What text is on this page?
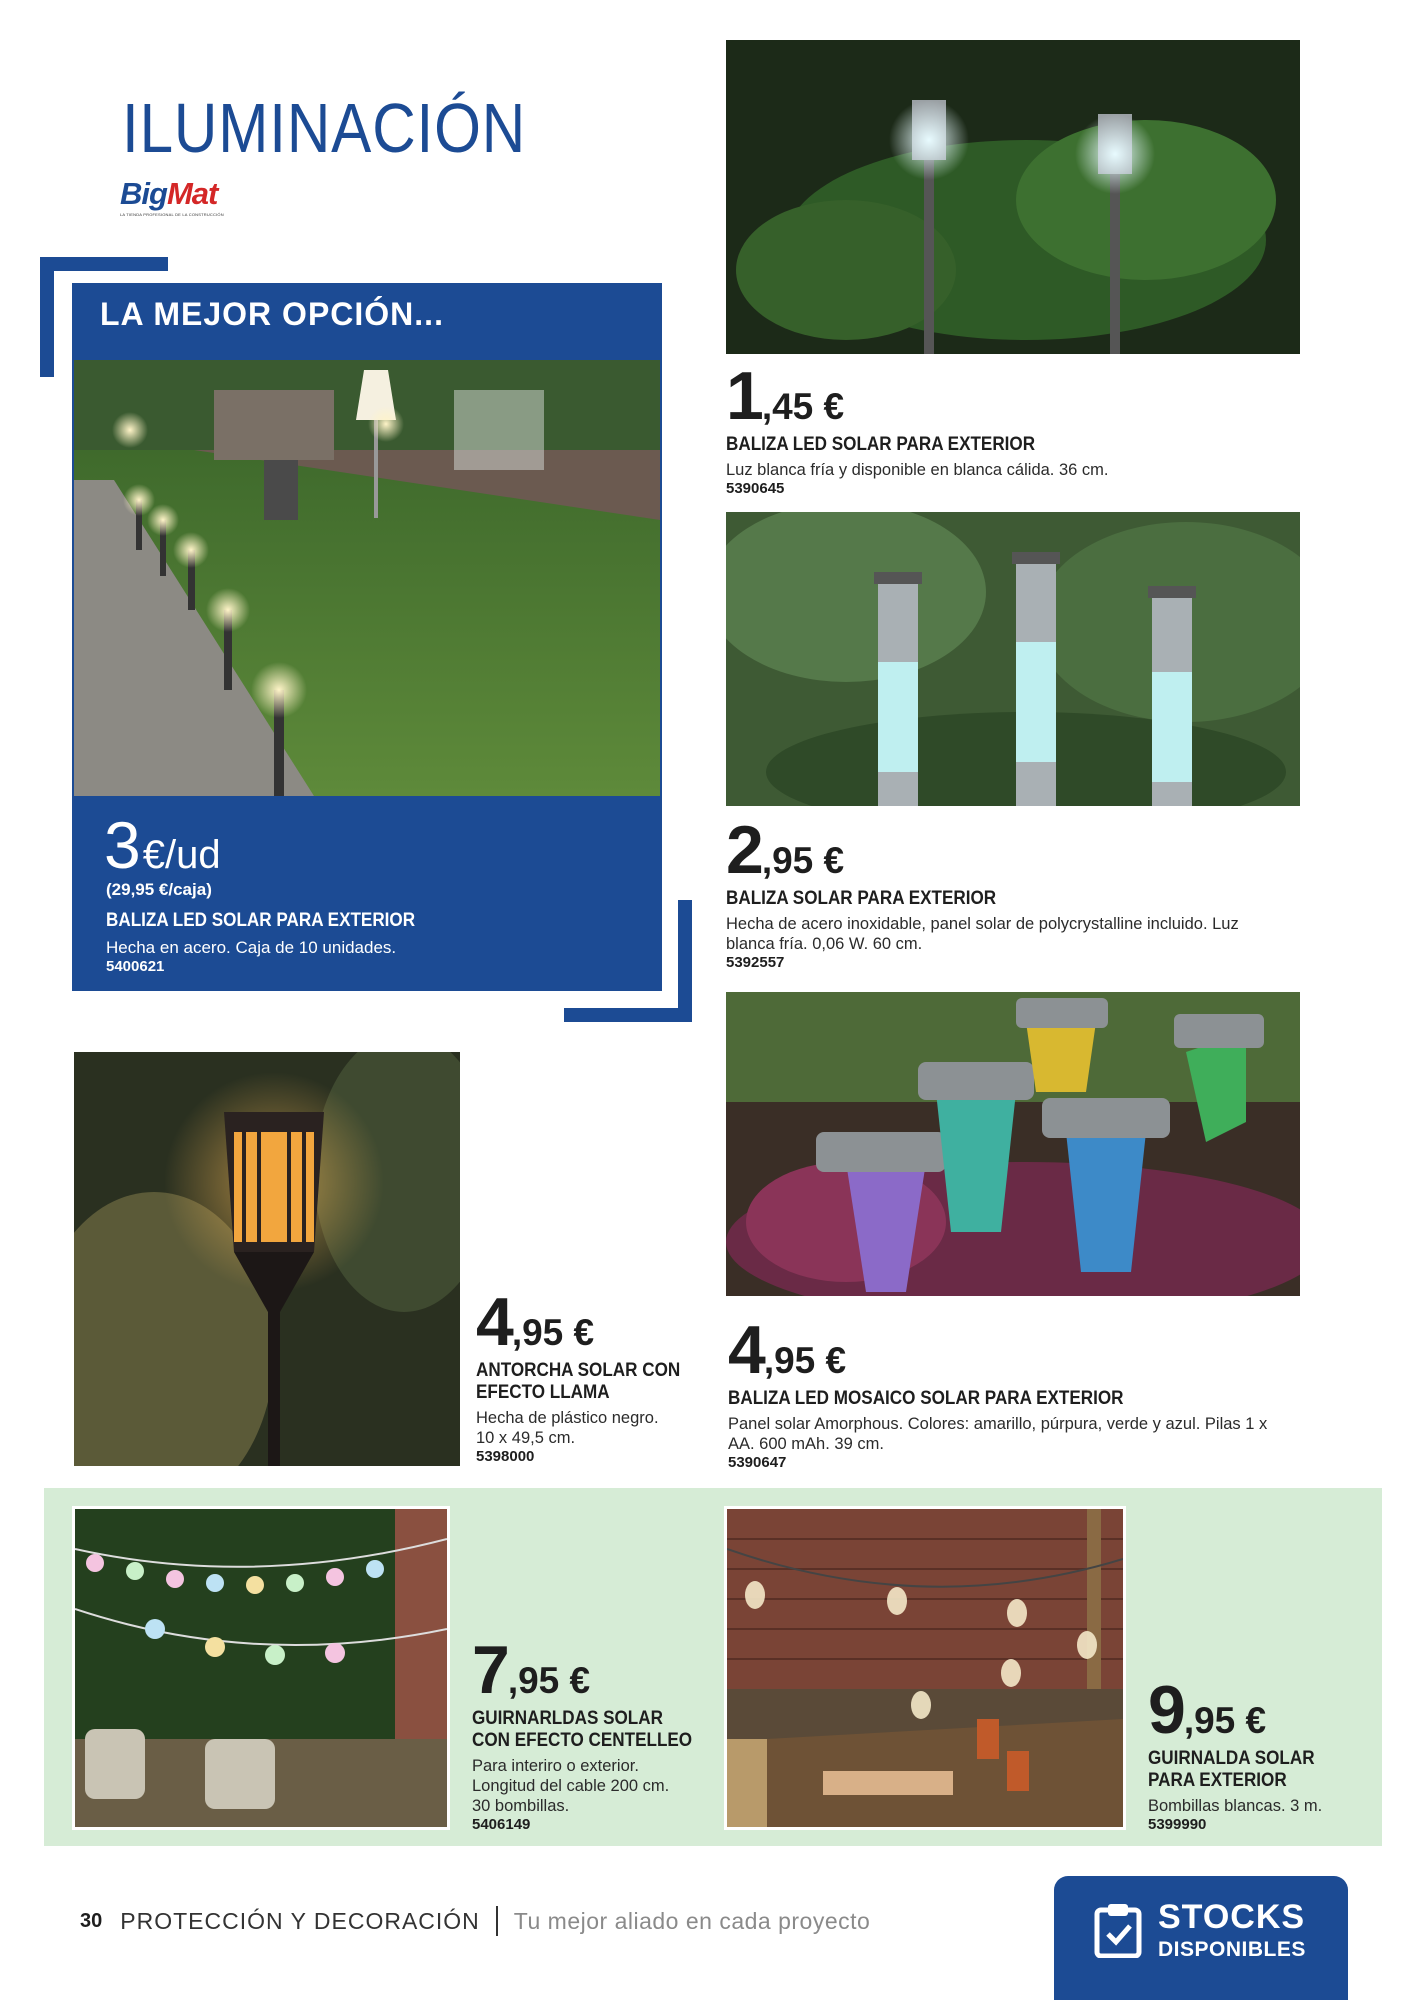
ILUMINACIÓN
BigMat
LA TIENDA PROFESIONAL DE LA CONSTRUCCIÓN
LA MEJOR OPCIÓN...
3 €/ud
(29,95 €/caja)
BALIZA LED SOLAR PARA EXTERIOR
Hecha en acero. Caja de 10 unidades.
5400621
1 ,45 €
BALIZA LED SOLAR PARA EXTERIOR
Luz blanca fría y disponible en blanca cálida. 36 cm.
5390645
2 ,95 €
BALIZA SOLAR PARA EXTERIOR
Hecha de acero inoxidable, panel solar de polycrystalline incluido. Luz blanca fría. 0,06 W. 60 cm.
5392557
4 ,95 €
ANTORCHA SOLAR CON
EFECTO LLAMA
Hecha de plástico negro.
10 x 49,5 cm.
5398000
4 ,95 €
BALIZA LED MOSAICO SOLAR PARA EXTERIOR
Panel solar Amorphous. Colores: amarillo, púrpura, verde y azul. Pilas 1 x AA. 600 mAh. 39 cm.
5390647
7 ,95 €
GUIRNARLDAS SOLAR
CON EFECTO CENTELLEO
Para interiro o exterior.
Longitud del cable 200 cm.
30 bombillas.
5406149
9 ,95 €
GUIRNALDA SOLAR
PARA EXTERIOR
Bombillas blancas. 3 m.
5399990
30 PROTECCIÓN Y DECORACIÓN Tu mejor aliado en cada proyecto	STOCKS
DISPONIBLES
